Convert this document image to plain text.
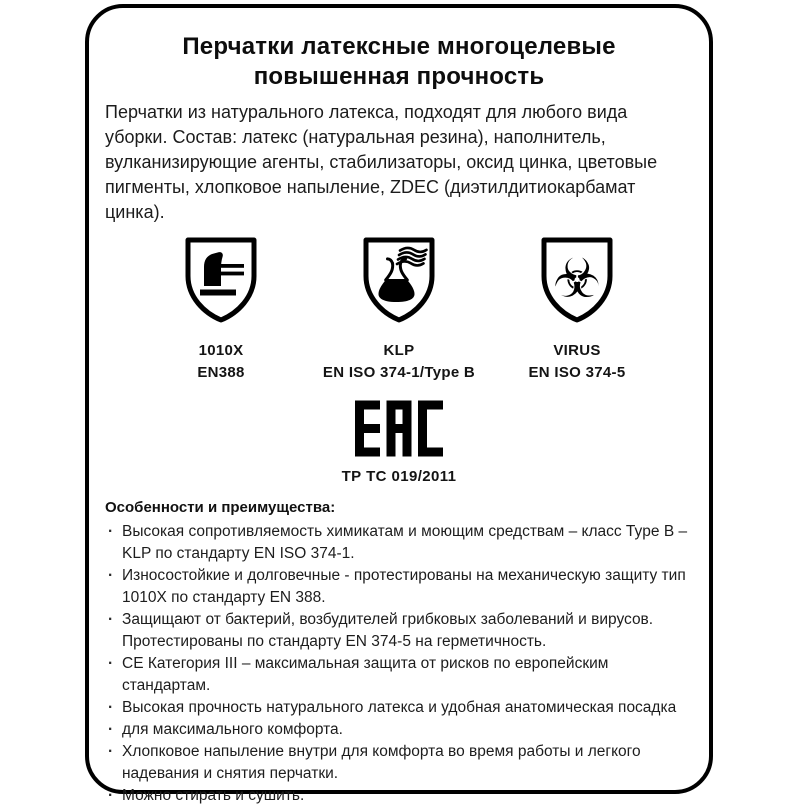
Перчатки латексные многоцелевые
повышенная прочность

Перчатки из натурального латекса, подходят для любого вида уборки. Состав: латекс (натуральная резина), наполнитель, вулканизирующие агенты, стабилизаторы, оксид цинка, цветовые пигменты, хлопковое напыление, ZDEC (диэтилдитиокарбамат цинка).

1010X
EN388
KLP
EN ISO 374-1/Type B
☣
VIRUS
EN ISO 374-5
ТР ТС 019/2011
Особенности и преимущества:
· Высокая сопротивляемость химикатам и моющим средствам – класс Type B – KLP по стандарту EN ISO 374-1.
· Износостойкие и долговечные - протестированы на механическую защиту тип 1010X по стандарту EN 388.
· Защищают от бактерий, возбудителей грибковых заболеваний и вирусов. Протестированы по стандарту EN 374-5 на герметичность.
· СЕ Категория III – максимальная защита от рисков по европейским стандартам.
· Высокая прочность натурального латекса и удобная анатомическая посадка
· для максимального комфорта.
· Хлопковое напыление внутри для комфорта во время работы и легкого надевания и снятия перчатки.
· Можно стирать и сушить.
